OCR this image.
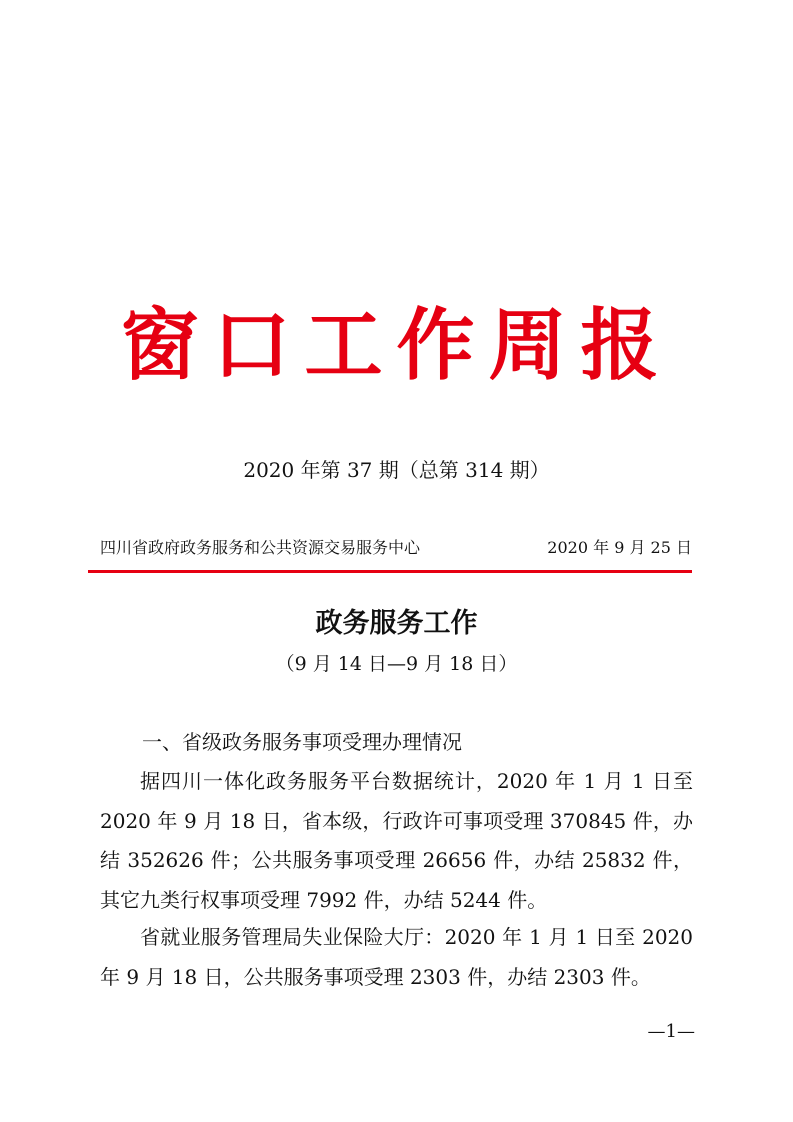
窗口工作周报
2020 年第 37 期（总第 314 期）
四川省政府政务服务和公共资源交易服务中心	2020 年 9 月 25 日
政务服务工作
（9 月 14 日—9 月 18 日）
一、省级政务服务事项受理办理情况

据四川一体化政务服务平台数据统计，2020 年 1 月 1 日至 2020 年 9 月 18 日，省本级，行政许可事项受理 370845 件，办结 352626 件；公共服务事项受理 26656 件，办结 25832 件，其它九类行权事项受理 7992 件，办结 5244 件。

省就业服务管理局失业保险大厅：2020 年 1 月 1 日至 2020 年 9 月 18 日，公共服务事项受理 2303 件，办结 2303 件。

—1—
